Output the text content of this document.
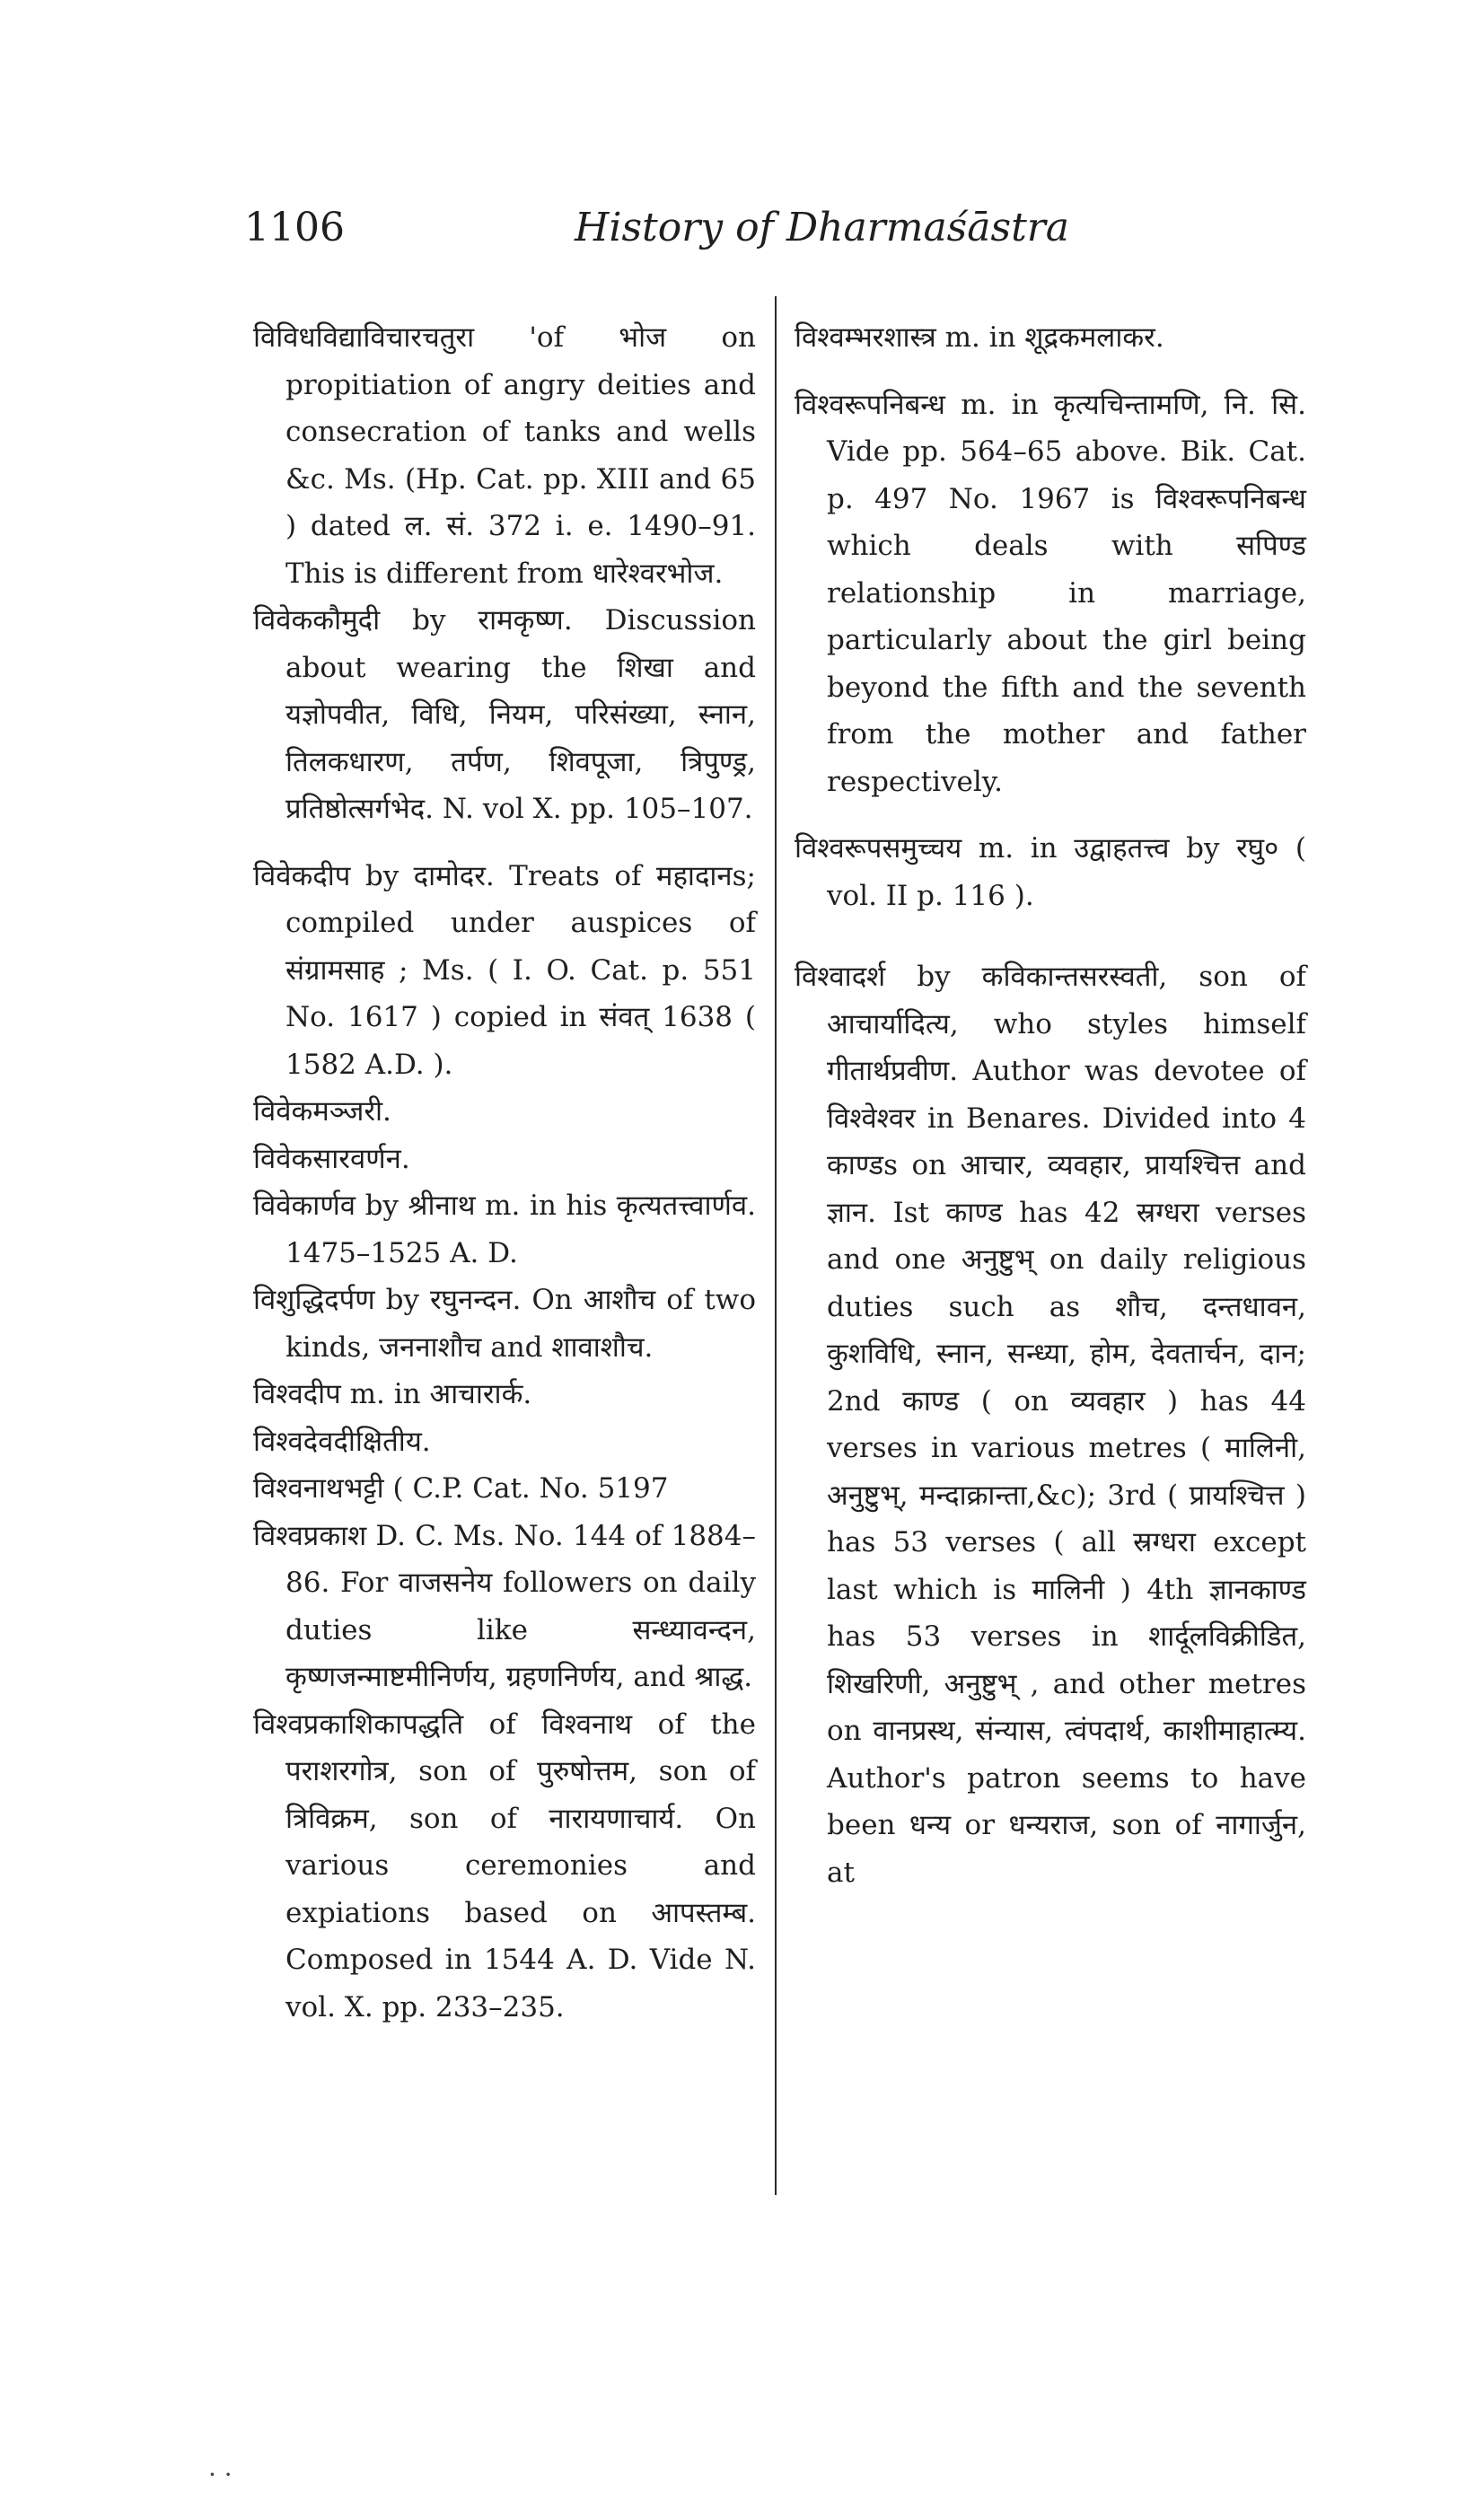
1106	History of Dharmaśāstra

विविधविद्याविचारचतुरा 'of भोज on propitiation of angry deities and consecration of tanks and wells &c. Ms. (Hp. Cat. pp. XIII and 65 ) dated ल. सं. 372 i. e. 1490–91. This is different from धारेश्वरभोज.

विवेककौमुदी by रामकृष्ण. Discussion about wearing the शिखा and यज्ञोपवीत, विधि, नियम, परिसंख्या, स्नान, तिलकधारण, तर्पण, शिवपूजा, त्रिपुण्ड्र, प्रतिष्ठोत्सर्गभेद. N. vol X. pp. 105–107.

विवेकदीप by दामोदर. Treats of महादानs; compiled under auspices of संग्रामसाह ; Ms. ( I. O. Cat. p. 551 No. 1617 ) copied in संवत् 1638 ( 1582 A.D. ).

विवेकमञ्जरी.

विवेकसारवर्णन.

विवेकार्णव by श्रीनाथ m. in his कृत्यतत्त्वार्णव. 1475–1525 A. D.

विशुद्धिदर्पण by रघुनन्दन. On आशौच of two kinds, जननाशौच and शावाशौच.

विश्वदीप m. in आचारार्क.

विश्वदेवदीक्षितीय.

विश्वनाथभट्टी ( C.P. Cat. No. 5197

विश्वप्रकाश D. C. Ms. No. 144 of 1884–86. For वाजसनेय followers on daily duties like सन्ध्यावन्दन, कृष्णजन्माष्टमीनिर्णय, ग्रहणनिर्णय, and श्राद्ध.

विश्वप्रकाशिकापद्धति of विश्वनाथ of the पराशरगोत्र, son of पुरुषोत्तम, son of त्रिविक्रम, son of नारायणाचार्य. On various ceremonies and expiations based on आपस्तम्ब. Composed in 1544 A. D. Vide N. vol. X. pp. 233–235.

विश्वम्भरशास्त्र m. in शूद्रकमलाकर.

विश्वरूपनिबन्ध m. in कृत्यचिन्तामणि, नि. सि. Vide pp. 564–65 above. Bik. Cat. p. 497 No. 1967 is विश्वरूपनिबन्ध which deals with सपिण्ड relationship in marriage, particularly about the girl being beyond the fifth and the seventh from the mother and father respectively.

विश्वरूपसमुच्चय m. in उद्वाहतत्त्व by रघु० ( vol. II p. 116 ).

विश्वादर्श by कविकान्तसरस्वती, son of आचार्यादित्य, who styles himself गीतार्थप्रवीण. Author was devotee of विश्वेश्वर in Benares. Divided into 4 काण्डs on आचार, व्यवहार, प्रायश्चित्त and ज्ञान. Ist काण्ड has 42 स्रग्धरा verses and one अनुष्टुभ् on daily religious duties such as शौच, दन्तधावन, कुशविधि, स्नान, सन्ध्या, होम, देवतार्चन, दान; 2nd काण्ड ( on व्यवहार ) has 44 verses in various metres ( मालिनी, अनुष्टुभ्, मन्दाक्रान्ता,&c); 3rd ( प्रायश्चित्त ) has 53 verses ( all स्रग्धरा except last which is मालिनी ) 4th ज्ञानकाण्ड has 53 verses in शार्दूलविक्रीडित, शिखरिणी, अनुष्टुभ् , and other metres on वानप्रस्थ, संन्यास, त्वंपदार्थ, काशीमाहात्म्य. Author's patron seems to have been धन्य or धन्यराज, son of नागार्जुन, at

· ·
